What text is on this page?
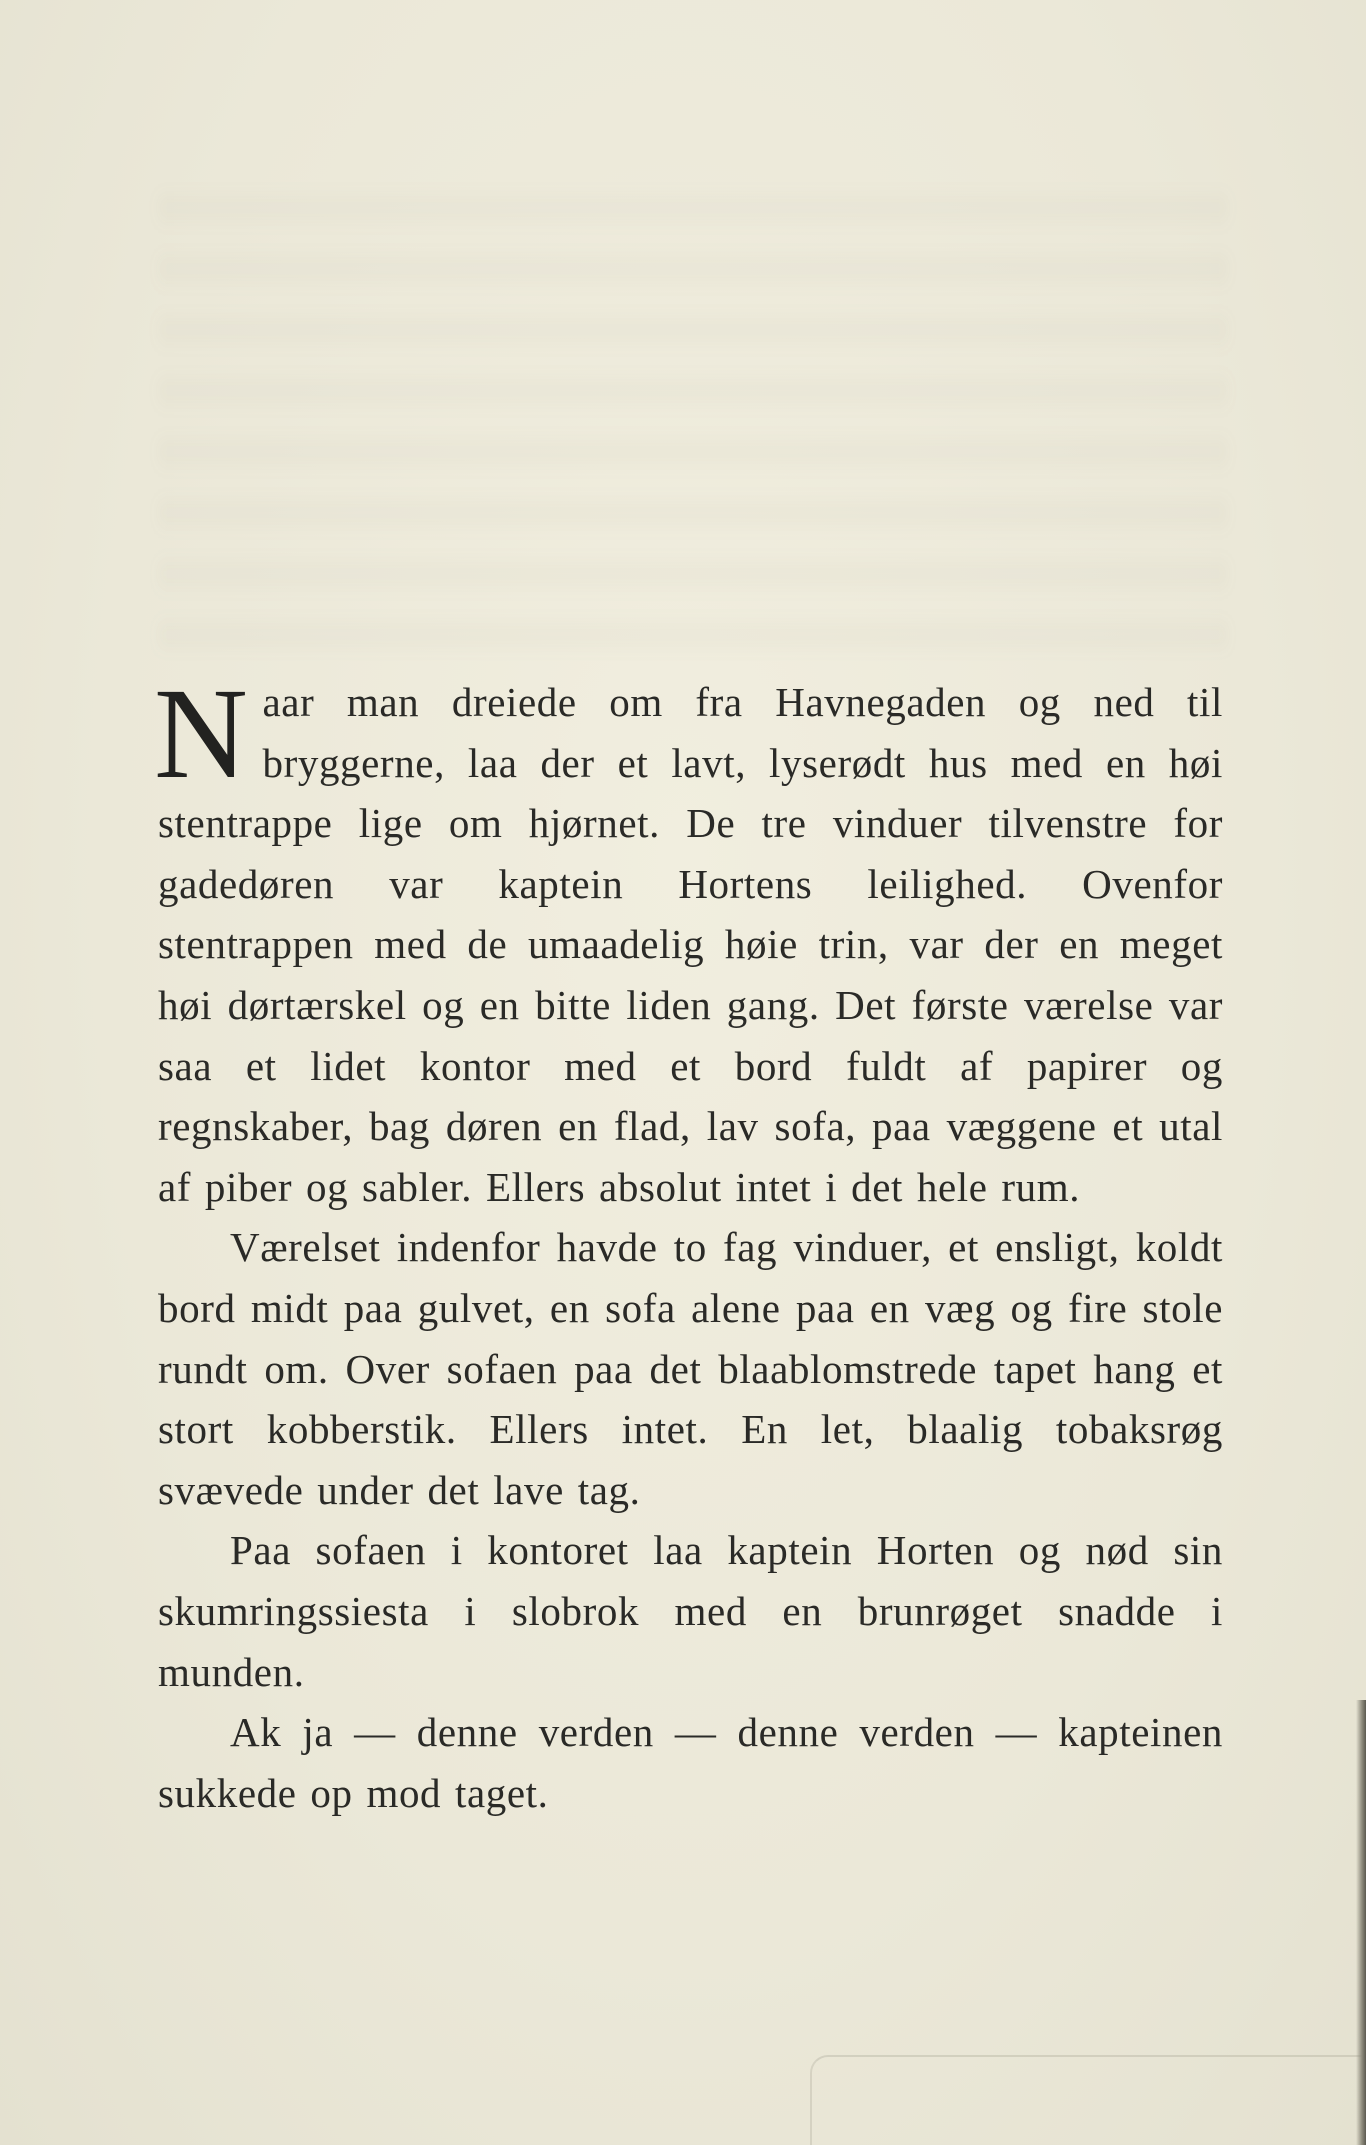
Naar man dreiede om fra Havnegaden og ned til bryggerne, laa der et lavt, lyserødt hus med en høi stentrappe lige om hjørnet. De tre vinduer tilvenstre for gadedøren var kaptein Hortens leilighed. Ovenfor stentrappen med de umaadelig høie trin, var der en meget høi dørtærskel og en bitte liden gang. Det første værelse var saa et lidet kontor med et bord fuldt af papirer og regnskaber, bag døren en flad, lav sofa, paa væggene et utal af piber og sabler. Ellers absolut intet i det hele rum.

Værelset indenfor havde to fag vinduer, et ensligt, koldt bord midt paa gulvet, en sofa alene paa en væg og fire stole rundt om. Over sofaen paa det blaablomstrede tapet hang et stort kobberstik. Ellers intet. En let, blaalig tobaksrøg svævede under det lave tag.

Paa sofaen i kontoret laa kaptein Horten og nød sin skumringssiesta i slobrok med en brunrøget snadde i munden.

Ak ja — denne verden — denne verden — kapteinen sukkede op mod taget.
